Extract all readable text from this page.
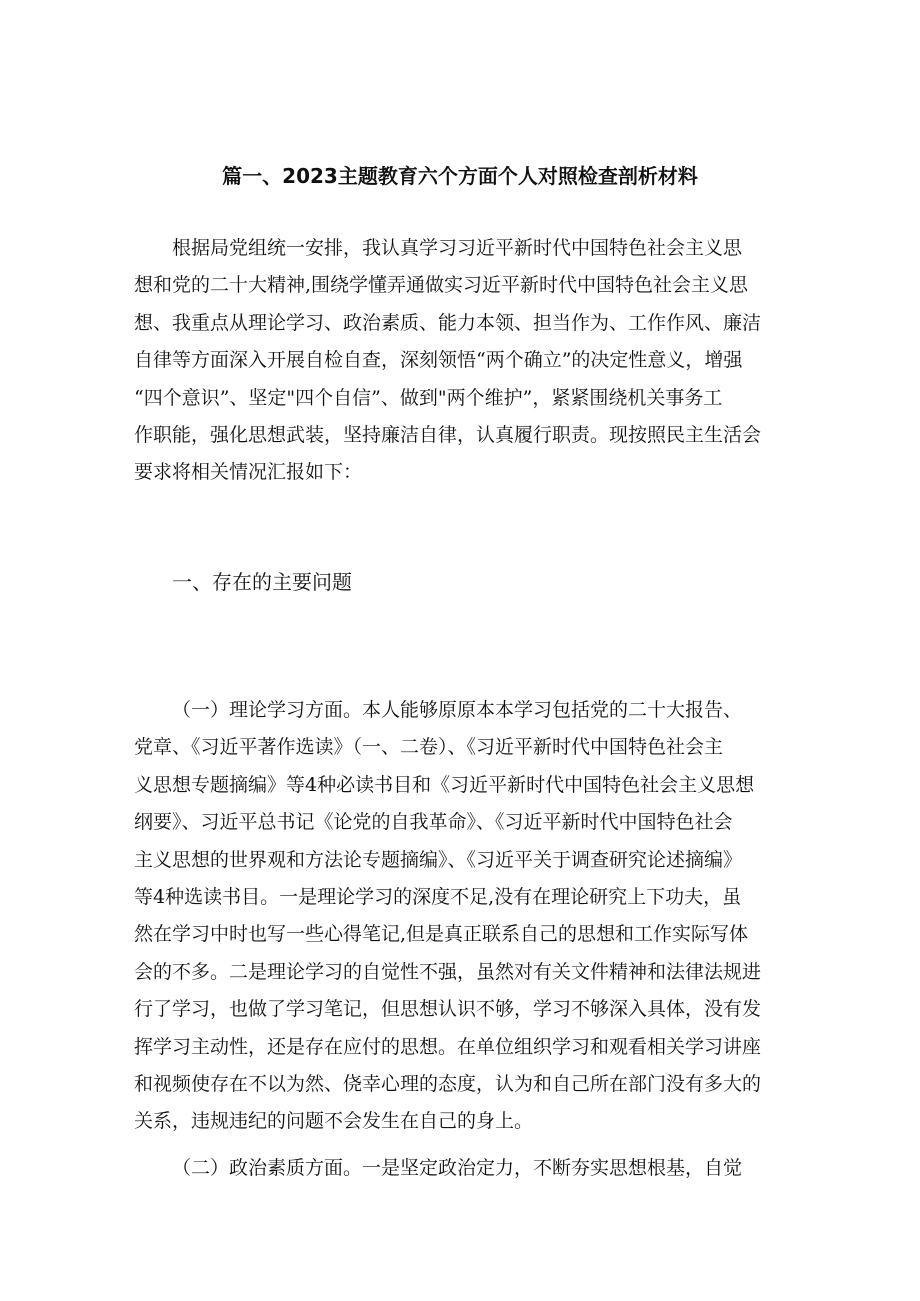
篇一、2023主题教育六个方面个人对照检查剖析材料
根据局党组统一安排，我认真学习习近平新时代中国特色社会主义思
想和党的二十大精神,围绕学懂弄通做实习近平新时代中国特色社会主义思
想、我重点从理论学习、政治素质、能力本领、担当作为、工作作风、廉洁
自律等方面深入开展自检自查，深刻领悟“两个确立”的决定性意义，增强
“四个意识”、坚定"四个自信”、做到"两个维护”，紧紧围绕机关事务工
作职能，强化思想武装，坚持廉洁自律，认真履行职责。现按照民主生活会
要求将相关情况汇报如下：
一、存在的主要问题
（一）理论学习方面。本人能够原原本本学习包括党的二十大报告、
党章、《习近平著作选读》（一、二卷）、《习近平新时代中国特色社会主
义思想专题摘编》等4种必读书目和《习近平新时代中国特色社会主义思想
纲要》、习近平总书记《论党的自我革命》、《习近平新时代中国特色社会
主义思想的世界观和方法论专题摘编》、《习近平关于调查研究论述摘编》
等4种选读书目。一是理论学习的深度不足,没有在理论研究上下功夫，虽
然在学习中时也写一些心得笔记,但是真正联系自己的思想和工作实际写体
会的不多。二是理论学习的自觉性不强，虽然对有关文件精神和法律法规进
行了学习，也做了学习笔记，但思想认识不够，学习不够深入具体，没有发
挥学习主动性，还是存在应付的思想。在单位组织学习和观看相关学习讲座
和视频使存在不以为然、侥幸心理的态度，认为和自己所在部门没有多大的
关系，违规违纪的问题不会发生在自己的身上。
（二）政治素质方面。一是坚定政治定力，不断夯实思想根基，自觉
